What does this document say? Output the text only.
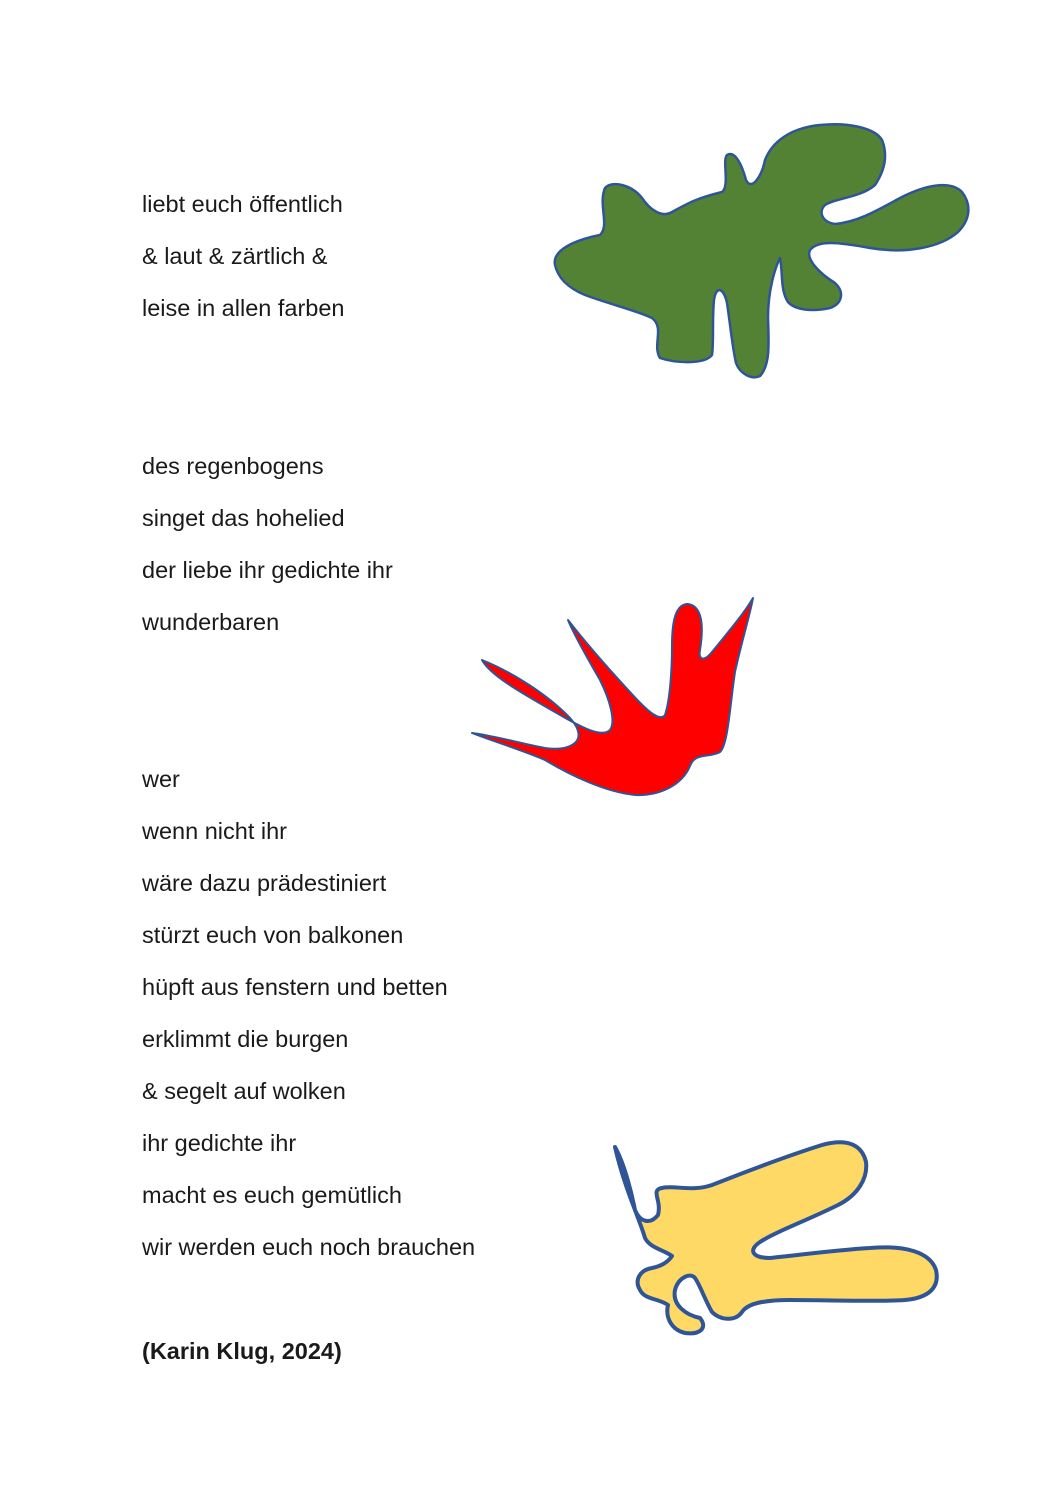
liebt euch öffentlich
& laut & zärtlich &
leise in allen farben
des regenbogens
singet das hohelied
der liebe ihr gedichte ihr
wunderbaren
wer
wenn nicht ihr
wäre dazu prädestiniert
stürzt euch von balkonen
hüpft aus fenstern und betten
erklimmt die burgen
& segelt auf wolken
ihr gedichte ihr
macht es euch gemütlich
wir werden euch noch brauchen
(Karin Klug, 2024)
